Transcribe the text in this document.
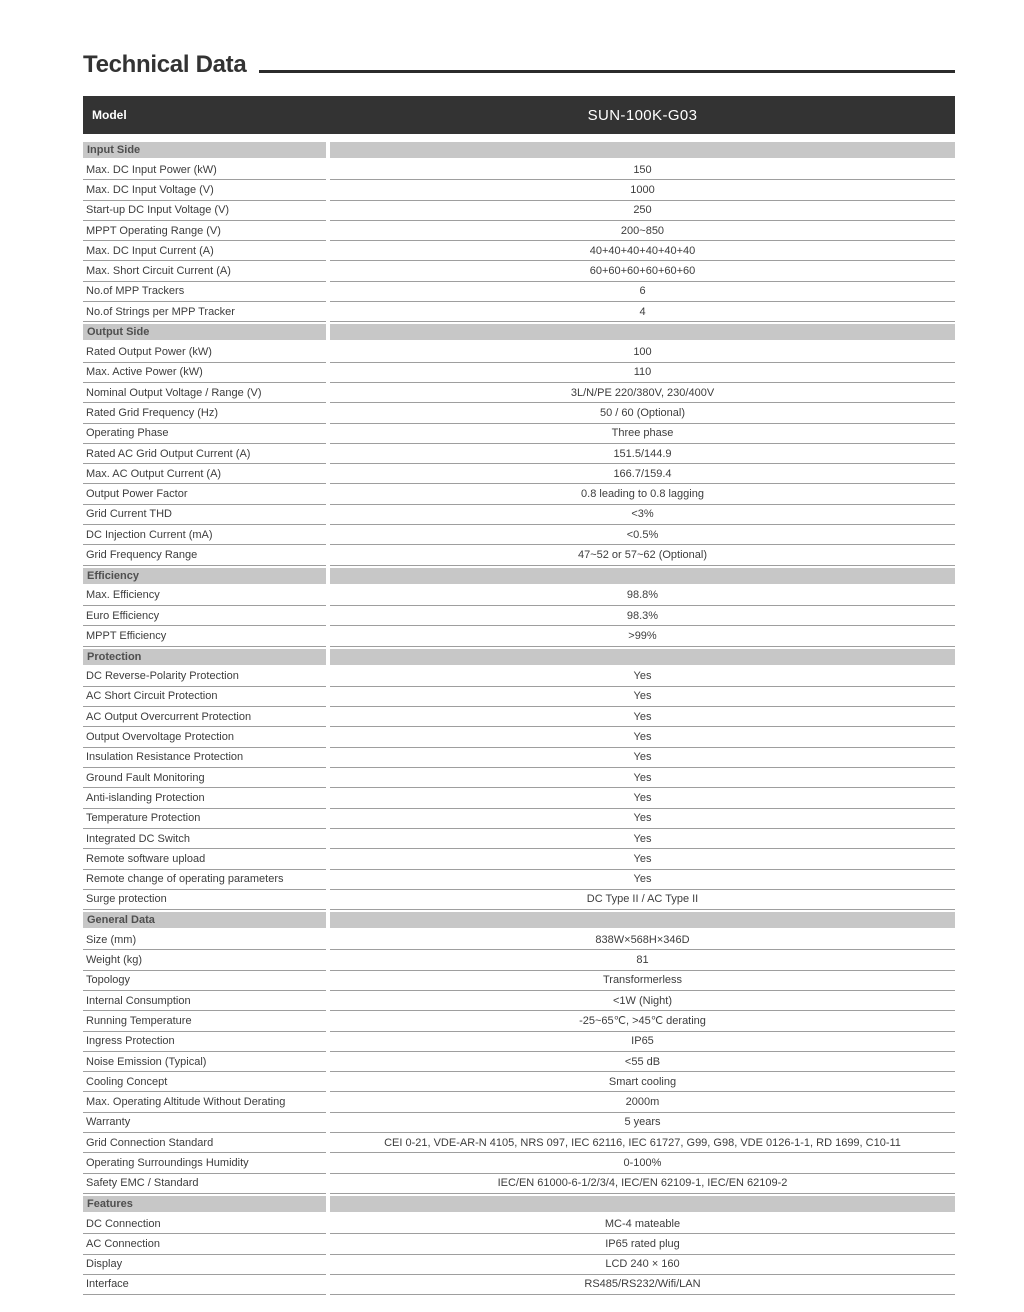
Technical Data
Model	SUN-100K-G03
Input Side
Max. DC Input Power (kW)	150
Max. DC Input Voltage (V)	1000
Start-up DC Input Voltage (V)	250
MPPT Operating Range (V)	200~850
Max. DC Input Current (A)	40+40+40+40+40+40
Max. Short Circuit Current (A)	60+60+60+60+60+60
No.of MPP Trackers	6
No.of Strings per MPP Tracker	4
Output Side
Rated Output Power (kW)	100
Max. Active Power (kW)	110
Nominal Output Voltage / Range (V)	3L/N/PE 220/380V, 230/400V
Rated Grid Frequency (Hz)	50 / 60 (Optional)
Operating Phase	Three phase
Rated AC Grid Output Current (A)	151.5/144.9
Max. AC Output Current (A)	166.7/159.4
Output Power Factor	0.8 leading to 0.8 lagging
Grid Current THD	<3%
DC Injection Current (mA)	<0.5%
Grid Frequency Range	47~52 or 57~62 (Optional)
Efficiency
Max. Efficiency	98.8%
Euro Efficiency	98.3%
MPPT Efficiency	>99%
Protection
DC Reverse-Polarity Protection	Yes
AC Short Circuit Protection	Yes
AC Output Overcurrent Protection	Yes
Output Overvoltage Protection	Yes
Insulation Resistance Protection	Yes
Ground Fault Monitoring	Yes
Anti-islanding Protection	Yes
Temperature Protection	Yes
Integrated DC Switch	Yes
Remote software upload	Yes
Remote change of operating parameters	Yes
Surge protection	DC Type II / AC Type II
General Data
Size (mm)	838W×568H×346D
Weight (kg)	81
Topology	Transformerless
Internal Consumption	<1W (Night)
Running Temperature	-25~65℃, >45℃ derating
Ingress Protection	IP65
Noise Emission (Typical)	<55 dB
Cooling Concept	Smart cooling
Max. Operating Altitude Without Derating	2000m
Warranty	5 years
Grid Connection Standard	CEI 0-21, VDE-AR-N 4105, NRS 097, IEC 62116, IEC 61727, G99, G98, VDE 0126-1-1, RD 1699, C10-11
Operating Surroundings Humidity	0-100%
Safety EMC / Standard	IEC/EN 61000-6-1/2/3/4, IEC/EN 62109-1, IEC/EN 62109-2
Features
DC Connection	MC-4 mateable
AC Connection	IP65 rated plug
Display	LCD 240 × 160
Interface	RS485/RS232/Wifi/LAN
